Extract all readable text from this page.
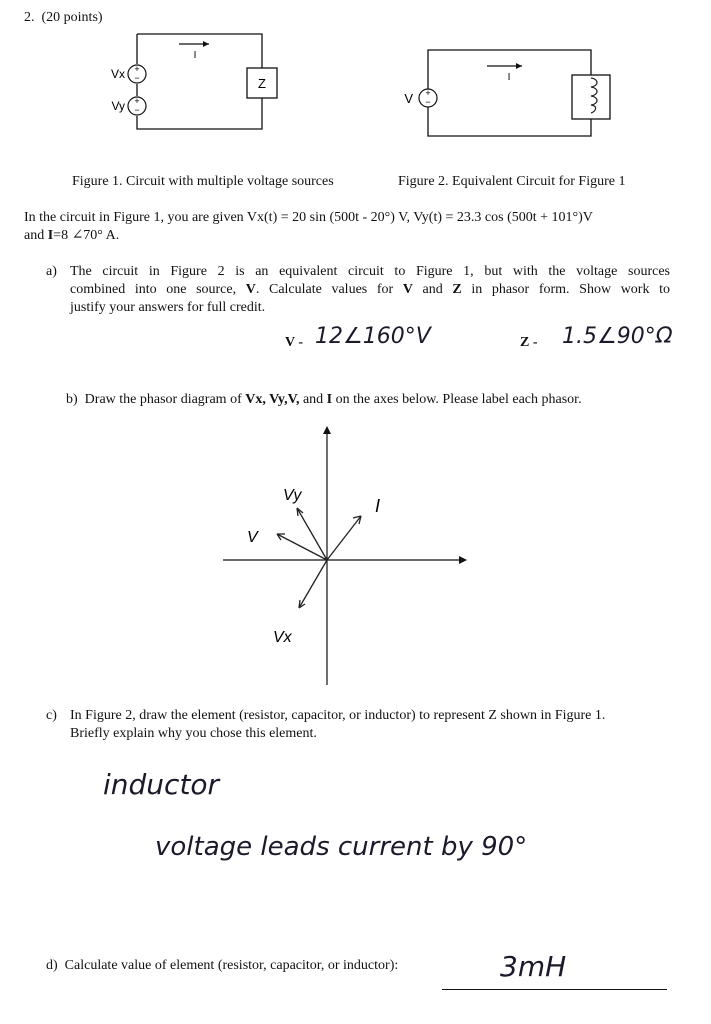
2. (20 points)
+
−
+
−
Vx
Vy
Z
I
+
−
V
I
Figure 1. Circuit with multiple voltage sources	Figure 2. Equivalent Circuit for Figure 1
In the circuit in Figure 1, you are given Vx(t) = 20 sin (500t - 20°) V, Vy(t) = 23.3 cos (500t + 101°)V
and I=8 ∠70° A.
a) The circuit in Figure 2 is an equivalent circuit to Figure 1, but with the voltage sources
combined into one source, V. Calculate values for V and Z in phasor form. Show work to
justify your answers for full credit.
V - 12∠160°V	Z - 1.5∠90°Ω
b) Draw the phasor diagram of Vx, Vy,V, and I on the axes below. Please label each phasor.
Vy
I
V
Vx
c) In Figure 2, draw the element (resistor, capacitor, or inductor) to represent Z shown in Figure 1.
Briefly explain why you chose this element.
inductor
voltage leads current by 90°
d) Calculate value of element (resistor, capacitor, or inductor):	3mH
